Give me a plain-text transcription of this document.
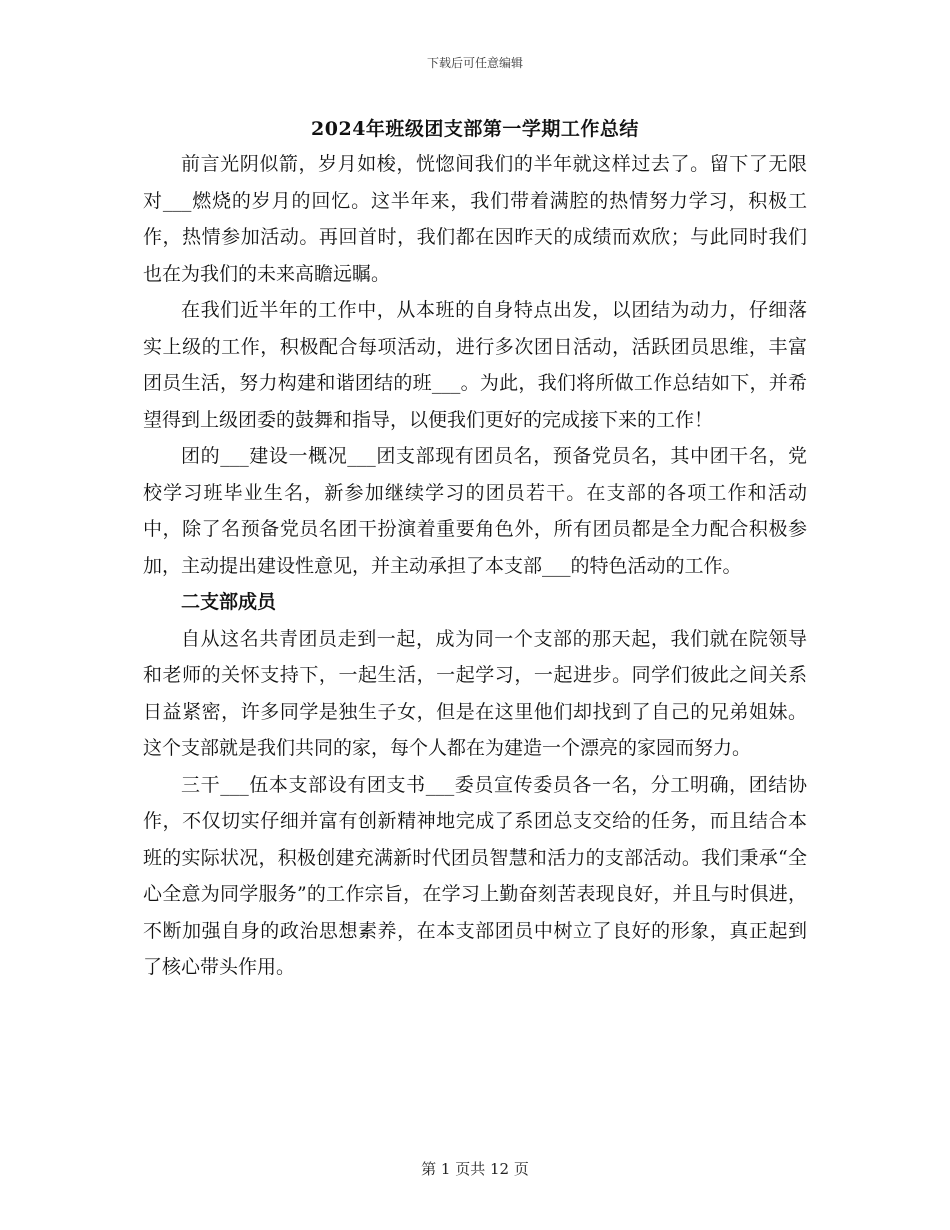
下载后可任意编辑
2024年班级团支部第一学期工作总结

前言光阴似箭，岁月如梭，恍惚间我们的半年就这样过去了。留下了无限对___燃烧的岁月的回忆。这半年来，我们带着满腔的热情努力学习，积极工作，热情参加活动。再回首时，我们都在因昨天的成绩而欢欣；与此同时我们也在为我们的未来高瞻远瞩。

在我们近半年的工作中，从本班的自身特点出发，以团结为动力，仔细落实上级的工作，积极配合每项活动，进行多次团日活动，活跃团员思维，丰富团员生活，努力构建和谐团结的班___。为此，我们将所做工作总结如下，并希望得到上级团委的鼓舞和指导，以便我们更好的完成接下来的工作！

团的___建设一概况___团支部现有团员名，预备党员名，其中团干名，党校学习班毕业生名，新参加继续学习的团员若干。在支部的各项工作和活动中，除了名预备党员名团干扮演着重要角色外，所有团员都是全力配合积极参加，主动提出建设性意见，并主动承担了本支部___的特色活动的工作。

二支部成员

自从这名共青团员走到一起，成为同一个支部的那天起，我们就在院领导和老师的关怀支持下，一起生活，一起学习，一起进步。同学们彼此之间关系日益紧密，许多同学是独生子女，但是在这里他们却找到了自己的兄弟姐妹。这个支部就是我们共同的家，每个人都在为建造一个漂亮的家园而努力。

三干___伍本支部设有团支书___委员宣传委员各一名，分工明确，团结协作，不仅切实仔细并富有创新精神地完成了系团总支交给的任务，而且结合本班的实际状况，积极创建充满新时代团员智慧和活力的支部活动。我们秉承“全心全意为同学服务”的工作宗旨，在学习上勤奋刻苦表现良好，并且与时俱进，不断加强自身的政治思想素养，在本支部团员中树立了良好的形象，真正起到了核心带头作用。

第 1 页共 12 页
